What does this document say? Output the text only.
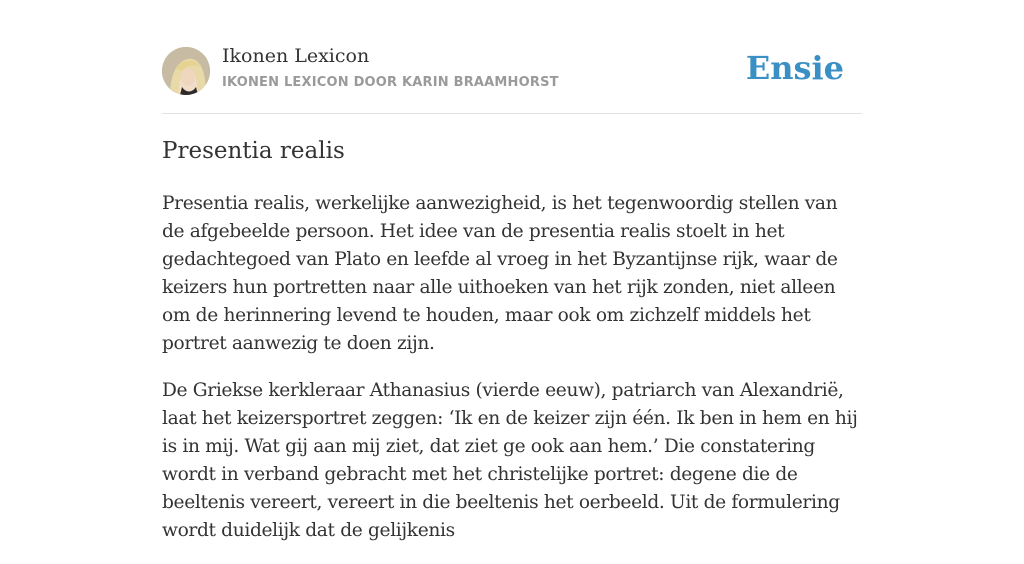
Ikonen Lexicon
IKONEN LEXICON DOOR KARIN BRAAMHORST	Ensie
Presentia realis

Presentia realis, werkelijke aanwezigheid, is het tegenwoordig stellen van de afgebeelde persoon. Het idee van de presentia realis stoelt in het gedachtegoed van Plato en leefde al vroeg in het Byzantijnse rijk, waar de keizers hun portretten naar alle uithoeken van het rijk zonden, niet alleen om de herinnering levend te houden, maar ook om zichzelf middels het portret aanwezig te doen zijn.

De Griekse kerkleraar Athanasius (vierde eeuw), patriarch van Alexandrië, laat het keizersportret zeggen: ‘Ik en de keizer zijn één. Ik ben in hem en hij is in mij. Wat gij aan mij ziet, dat ziet ge ook aan hem.’ Die constatering wordt in verband gebracht met het christelijke portret: degene die de beeltenis vereert, vereert in die beeltenis het oerbeeld. Uit de formulering wordt duidelijk dat de gelijkenis
